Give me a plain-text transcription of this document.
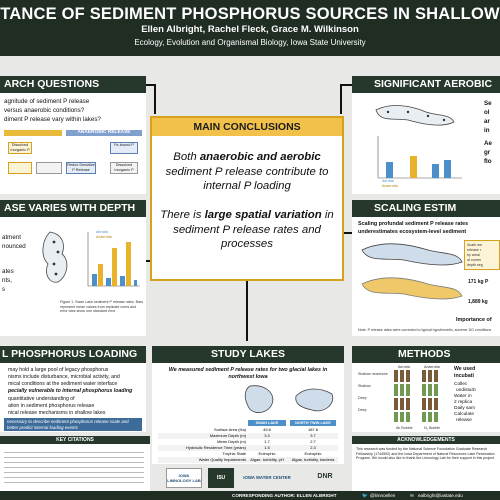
TANCE OF SEDIMENT PHOSPHORUS SOURCES IN SHALLOW
Ellen Albright, Rachel Fleck, Grace M. Wilkinson
Ecology, Evolution and Organismal Biology, Iowa State University
ARCH QUESTIONS
agnitude of sediment P release
versus anaerobic conditions?
diment P release vary within lakes?
ANAEROBIC RELEASE
Dissolved Inorganic P
Fe-bound P
Redox Sensitive P Release
Dissolved Inorganic P
ASE VARIES WITH DEPTH
atment
nounced
ates
nts,
s
Aerobic
Anaerobic
Figure 1. Swan Lake sediment P release rates. Bars represent mean values from replicate cores and error bars show one standard error
MAIN CONCLUSIONS
Both anaerobic and aerobic sediment P release contribute to internal P loading
There is large spatial variation in sediment P release rates and processes
SIGNIFICANT AEROBIC
Aerobic
Anaerobic
Se
ol
ar
in
Ae
gr
flo
SCALING ESTIM
Scaling profundal sediment P release rates
underestimates ecosystem-level sediment
Scale me
release r
by areal
of corres
depth seg
171 kg P
1,889 kg
Importance of
Note: P release rates were corrected to typical hypolimnetic, summer DO conditions
L PHOSPHORUS LOADING
may hold a large pool of legacy phosphorus
nisms include disturbance, microbial activity, and
mical conditions at the sediment water interface
pecially vulnerable to internal phosphorus loading
quantitative understanding of
ation in sediment phosphorus release
nical release mechanisms in shallow lakes
necessary to describe sediment phosphorus release scale and better predict internal loading events
STUDY LAKES
We measured sediment P release rates for two glacial lakes in northwest Iowa
SWAN LAKE	NORTH TWIN LAKE
Surface Area (Ha)	49.6	187.6
Maximum Depth (m)	3.3	3.7
Mean Depth (m)	1.7	2.7
Hydraulic Residence Time (years)	1.5	2.3
Trophic State	Eutrophic	Eutrophic
Water Quality Impairments	Algae, turbidity, pH	Algae, turbidity, bacteria
METHODS
Aerobic	Anaerobic
Shallow nearshore
Shallow
Deep
Deep
Air Bubble	N₂ Bubble
We used
incubati
Collec
undisturb
Water in
2 replica
Daily sam
Calculate
release
KEY CITATIONS
IOWA LIMNOLOGY LAB	ISU	IOWA WATER CENTER	DNR
ACKNOWLEDGEMENTS
This research was funded by the National Science Foundation Graduate Research Fellowship (1744592) and the Iowa Department of Natural Resources Lake Restoration Program. We would also like to thank the Limnology Lab for their support in this project.
CORRESPONDING AUTHOR: ELLEN ALBRIGHT	🐦 @limnoellen	✉ ealbright@iastate.edu
